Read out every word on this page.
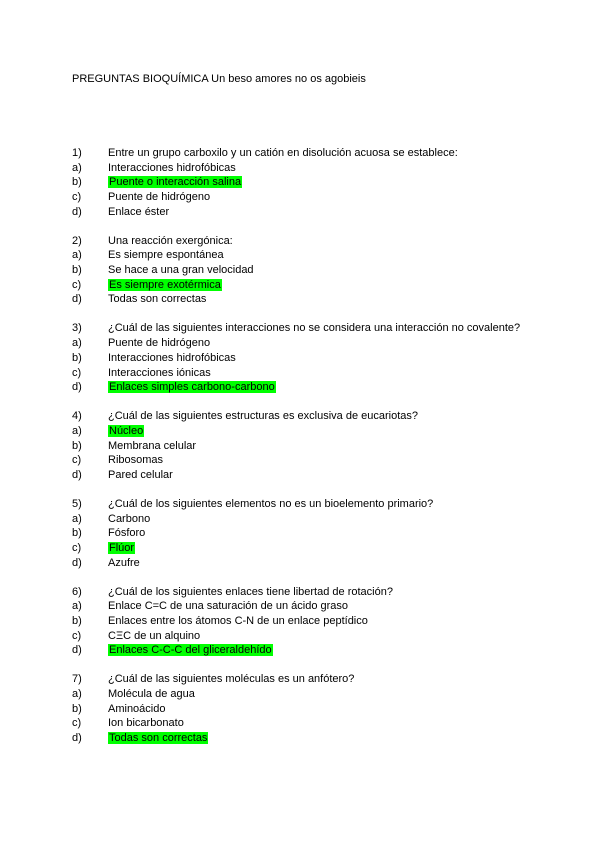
PREGUNTAS BIOQUÍMICA Un beso amores no os agobieis
1)	Entre un grupo carboxilo y un catión en disolución acuosa se establece:
a)	Interacciones hidrofóbicas
b)	Puente o interacción salina
c)	Puente de hidrógeno
d)	Enlace éster
2)	Una reacción exergónica:
a)	Es siempre espontánea
b)	Se hace a una gran velocidad
c)	Es siempre exotérmica
d)	Todas son correctas
3)	¿Cuál de las siguientes interacciones no se considera una interacción no covalente?
a)	Puente de hidrógeno
b)	Interacciones hidrofóbicas
c)	Interacciones iónicas
d)	Enlaces simples carbono-carbono
4)	¿Cuál de las siguientes estructuras es exclusiva de eucariotas?
a)	Núcleo
b)	Membrana celular
c)	Ribosomas
d)	Pared celular
5)	¿Cuál de los siguientes elementos no es un bioelemento primario?
a)	Carbono
b)	Fósforo
c)	Flúor
d)	Azufre
6)	¿Cuál de los siguientes enlaces tiene libertad de rotación?
a)	Enlace C=C de una saturación de un ácido graso
b)	Enlaces entre los átomos C-N de un enlace peptídico
c)	CΞC de un alquino
d)	Enlaces C-C-C del gliceraldehído
7)	¿Cuál de las siguientes moléculas es un anfótero?
a)	Molécula de agua
b)	Aminoácido
c)	Ion bicarbonato
d)	Todas son correctas
